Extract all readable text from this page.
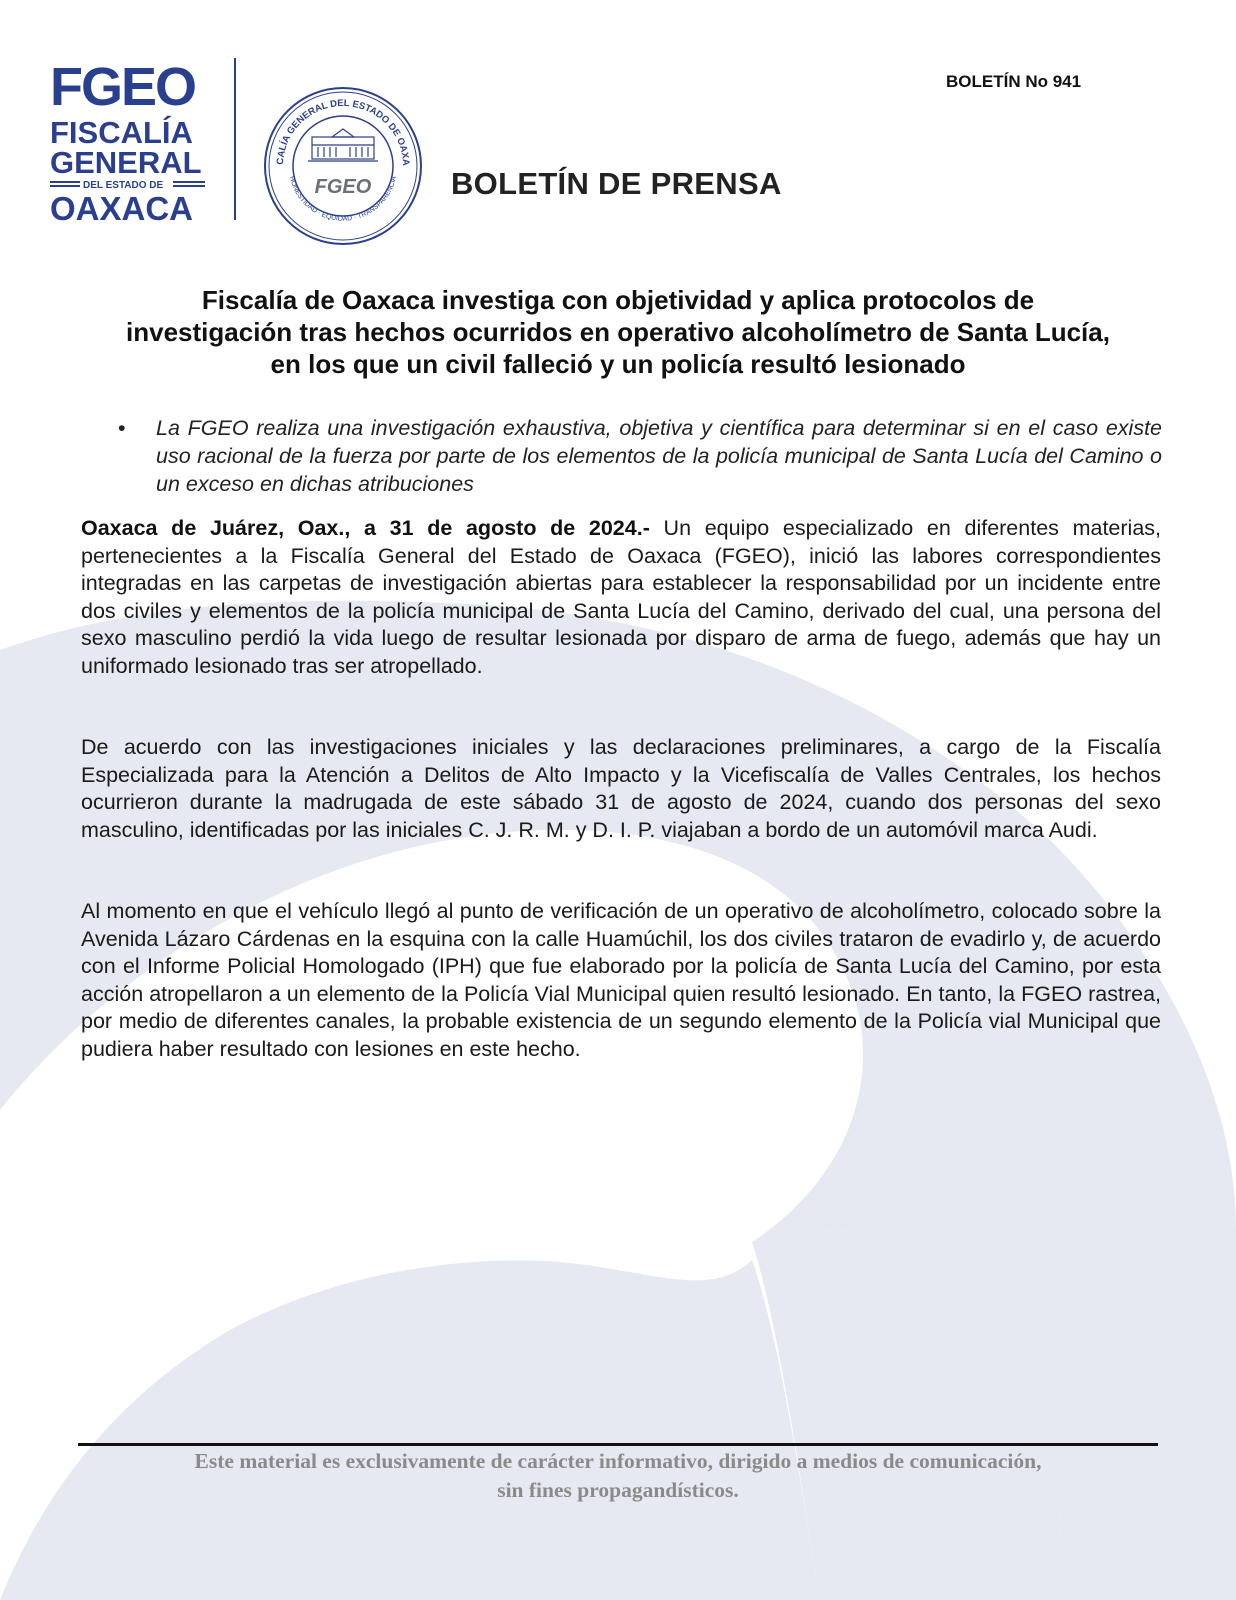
FGEO
FISCALÍA
GENERAL
DEL ESTADO DE
OAXACA
CALÍA GENERAL DEL ESTADO DE OAXA
HONESTIDAD · EQUIDAD · TRANSPARENCIA
FGEO
BOLETÍN No 941
BOLETÍN DE PRENSA
Fiscalía de Oaxaca investiga con objetividad y aplica protocolos de
investigación tras hechos ocurridos en operativo alcoholímetro de Santa Lucía,
en los que un civil falleció y un policía resultó lesionado
• La FGEO realiza una investigación exhaustiva, objetiva y científica para determinar si en el caso existe uso racional de la fuerza por parte de los elementos de la policía municipal de Santa Lucía del Camino o un exceso en dichas atribuciones

Oaxaca de Juárez, Oax., a 31 de agosto de 2024.- Un equipo especializado en diferentes materias, pertenecientes a la Fiscalía General del Estado de Oaxaca (FGEO), inició las labores correspondientes integradas en las carpetas de investigación abiertas para establecer la responsabilidad por un incidente entre dos civiles y elementos de la policía municipal de Santa Lucía del Camino, derivado del cual, una persona del sexo masculino perdió la vida luego de resultar lesionada por disparo de arma de fuego, además que hay un uniformado lesionado tras ser atropellado.

De acuerdo con las investigaciones iniciales y las declaraciones preliminares, a cargo de la Fiscalía Especializada para la Atención a Delitos de Alto Impacto y la Vicefiscalía de Valles Centrales, los hechos ocurrieron durante la madrugada de este sábado 31 de agosto de 2024, cuando dos personas del sexo masculino, identificadas por las iniciales C. J. R. M. y D. I. P. viajaban a bordo de un automóvil marca Audi.

Al momento en que el vehículo llegó al punto de verificación de un operativo de alcoholímetro, colocado sobre la Avenida Lázaro Cárdenas en la esquina con la calle Huamúchil, los dos civiles trataron de evadirlo y, de acuerdo con el Informe Policial Homologado (IPH) que fue elaborado por la policía de Santa Lucía del Camino, por esta acción atropellaron a un elemento de la Policía Vial Municipal quien resultó lesionado. En tanto, la FGEO rastrea, por medio de diferentes canales, la probable existencia de un segundo elemento de la Policía vial Municipal que pudiera haber resultado con lesiones en este hecho.

Este material es exclusivamente de carácter informativo, dirigido a medios de comunicación,
sin fines propagandísticos.
